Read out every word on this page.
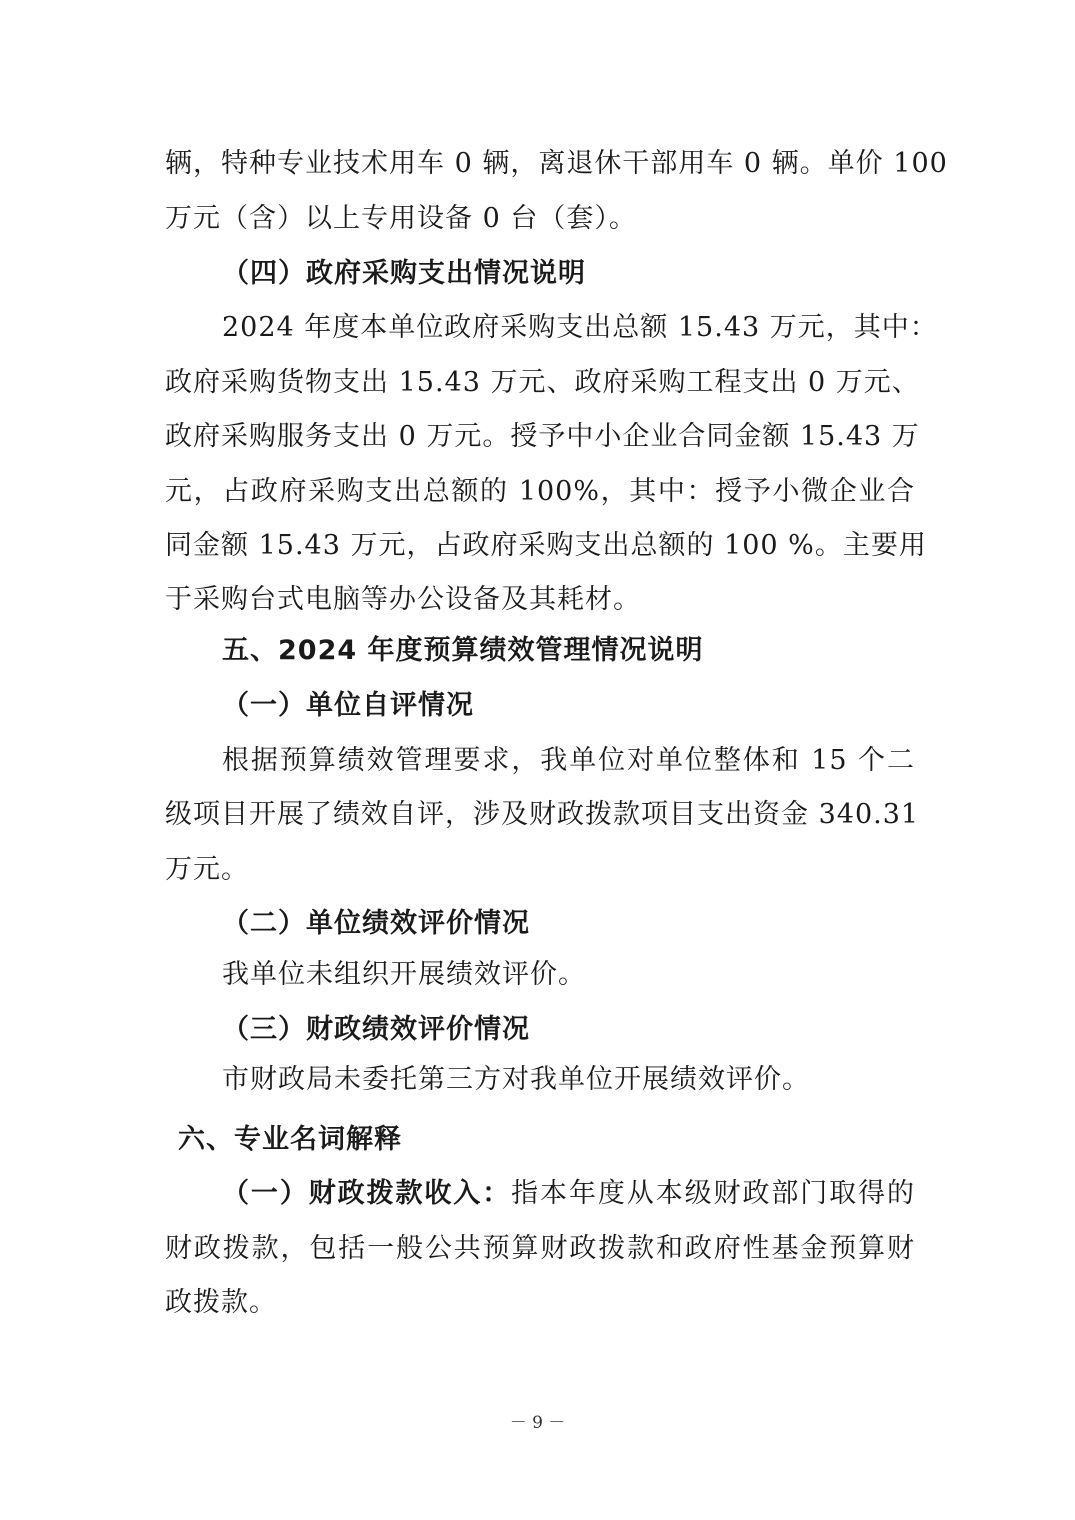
辆，特种专业技术用车 0 辆，离退休干部用车 0 辆。单价 100
万元（含）以上专用设备 0 台（套）。
（四）政府采购支出情况说明
2024 年度本单位政府采购支出总额 15.43 万元，其中：
政府采购货物支出 15.43 万元、政府采购工程支出 0 万元、
政府采购服务支出 0 万元。授予中小企业合同金额 15.43 万
元，占政府采购支出总额的 100%，其中：授予小微企业合
同金额 15.43 万元，占政府采购支出总额的 100 %。主要用
于采购台式电脑等办公设备及其耗材。
五、2024 年度预算绩效管理情况说明
（一）单位自评情况
根据预算绩效管理要求，我单位对单位整体和 15 个二
级项目开展了绩效自评，涉及财政拨款项目支出资金 340.31
万元。
（二）单位绩效评价情况
我单位未组织开展绩效评价。
（三）财政绩效评价情况
市财政局未委托第三方对我单位开展绩效评价。
六、专业名词解释
（一）财政拨款收入：指本年度从本级财政部门取得的
财政拨款，包括一般公共预算财政拨款和政府性基金预算财
政拨款。
－ 9 －
